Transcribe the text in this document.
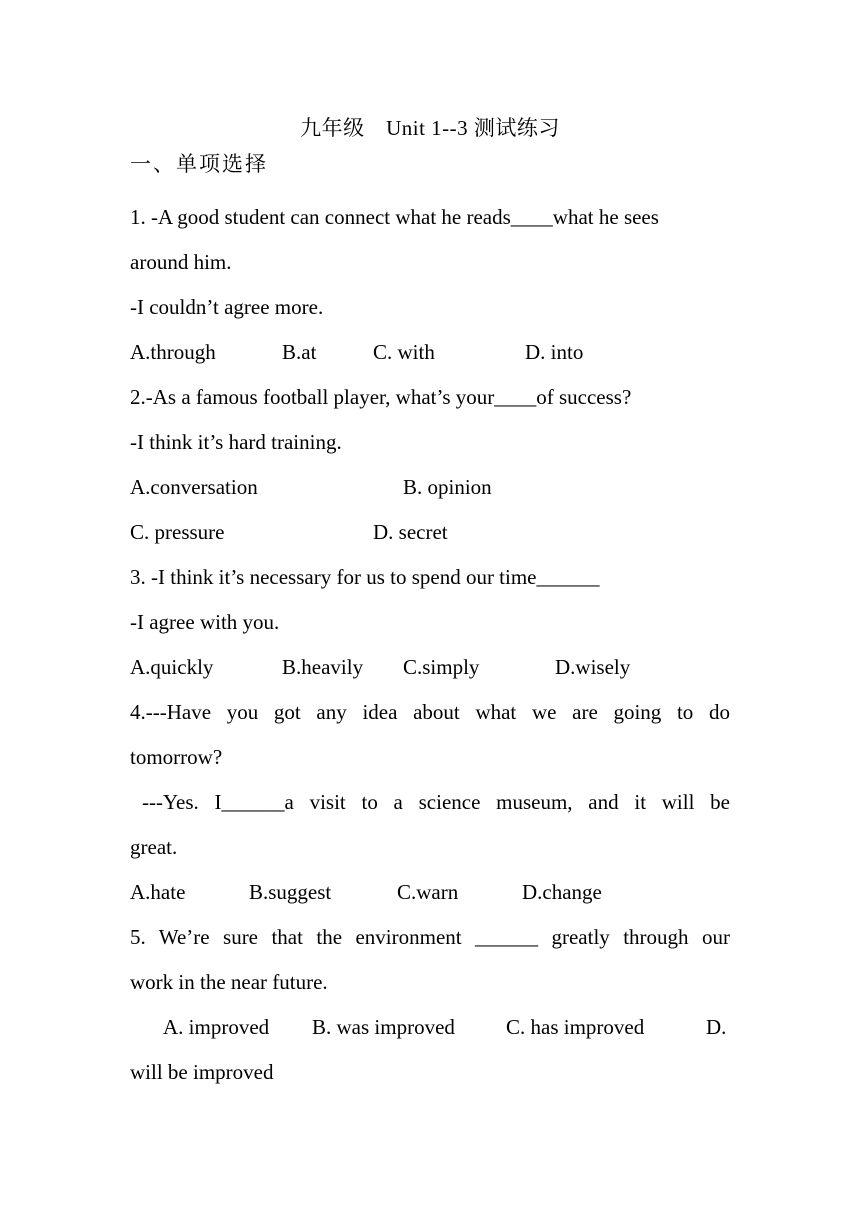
九年级　Unit 1--3 测试练习
一、单项选择
1. -A good student can connect what he reads____what he sees
around him.
-I couldn’t agree more.
A.through	B.at	C. with	D. into
2.-As a famous football player, what’s your____of success?
-I think it’s hard training.
A.conversation	B. opinion
C. pressure	D. secret
3. -I think it’s necessary for us to spend our time______
-I agree with you.
A.quickly	B.heavily C.simply	D.wisely
4.---Have you got any idea about what we are going to do
tomorrow?
---Yes. I______a visit to a science museum, and it will be
great.
A.hate	B.suggest	C.warn	D.change
5. We’re sure that the environment ______ greatly through our
work in the near future.
A. improved B. was improved C. has improved	D.
will be improved
